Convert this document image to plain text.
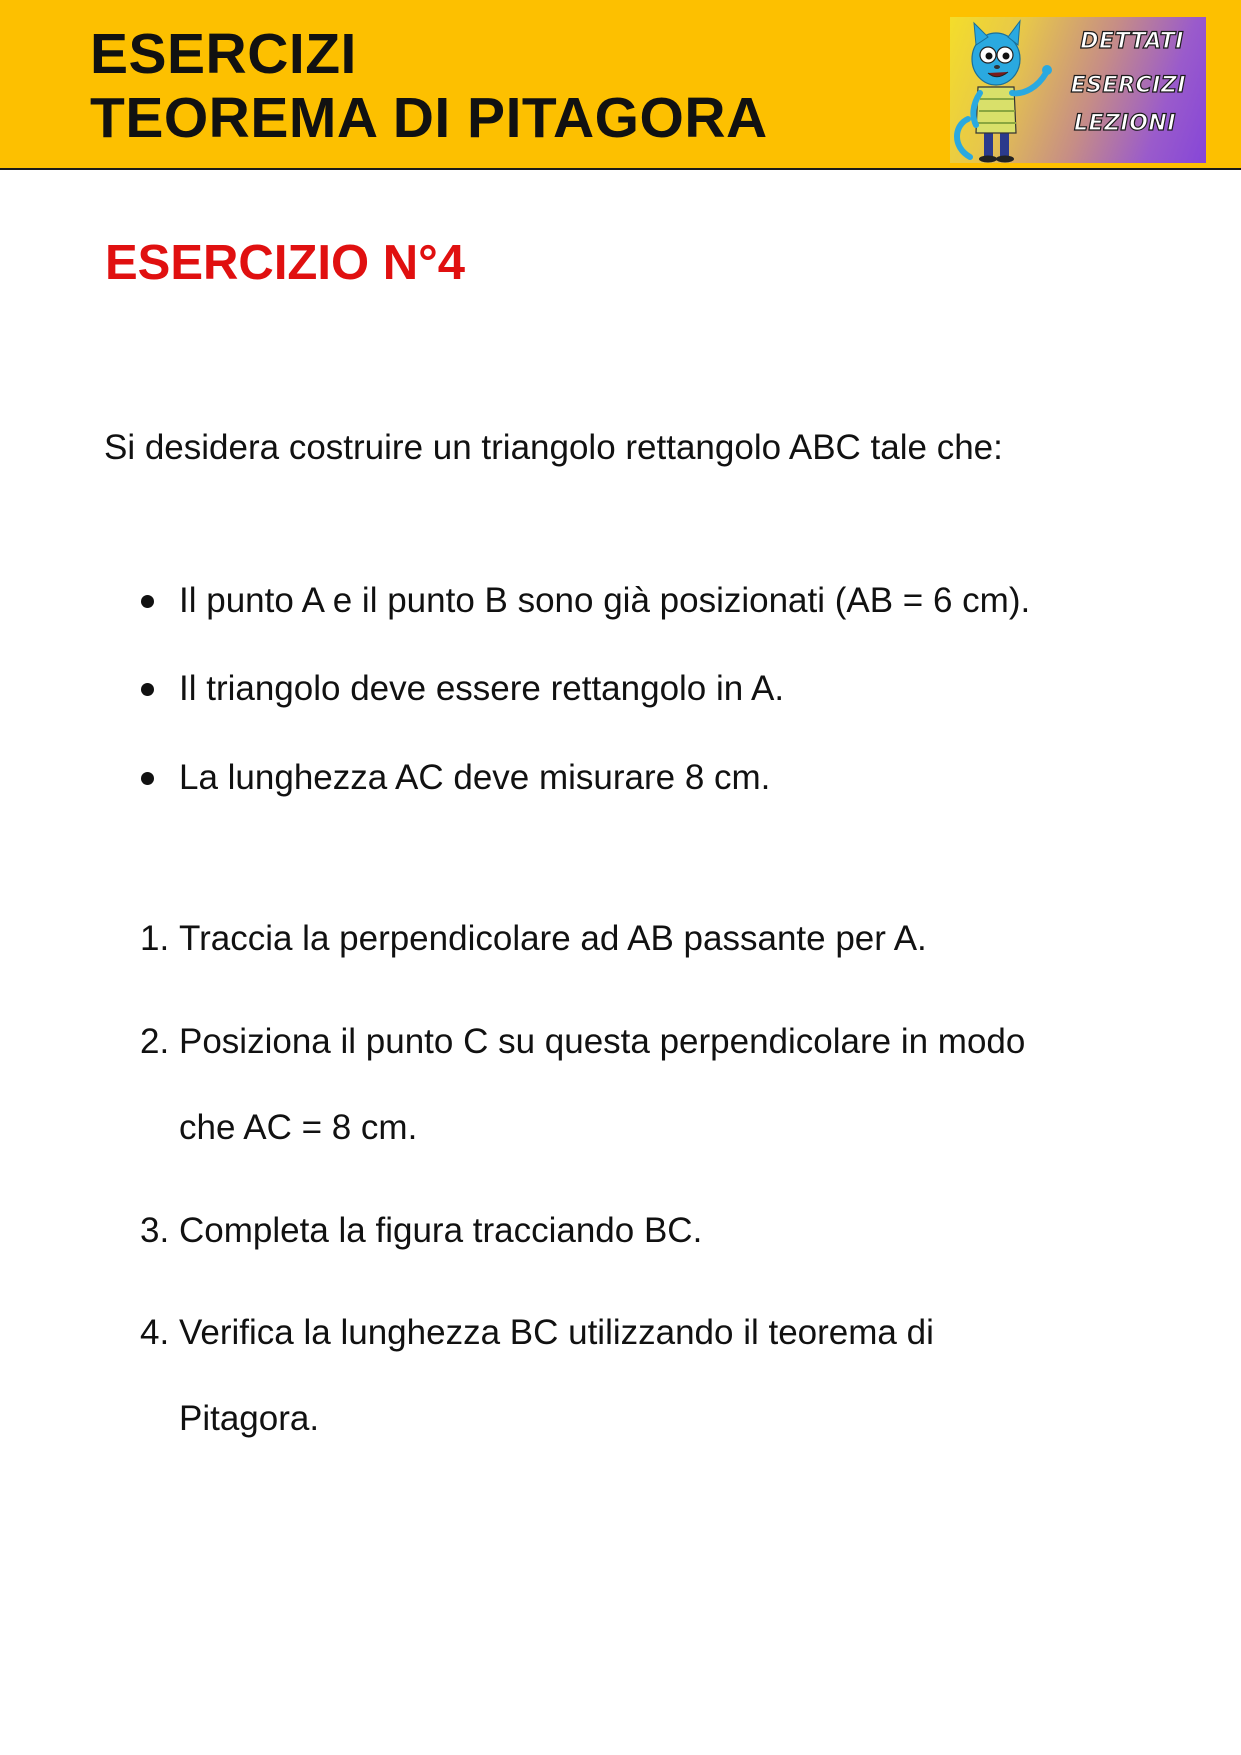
ESERCIZI
TEOREMA DI PITAGORA
DETTATI
ESERCIZI
LEZIONI
ESERCIZIO N°4

Si desidera costruire un triangolo rettangolo ABC tale che:

Il punto A e il punto B sono già posizionati (AB = 6 cm).
Il triangolo deve essere rettangolo in A.
La lunghezza AC deve misurare 8 cm.
1. Traccia la perpendicolare ad AB passante per A.
2. Posiziona il punto C su questa perpendicolare in modo
che AC = 8 cm.
3. Completa la figura tracciando BC.
4. Verifica la lunghezza BC utilizzando il teorema di
Pitagora.
